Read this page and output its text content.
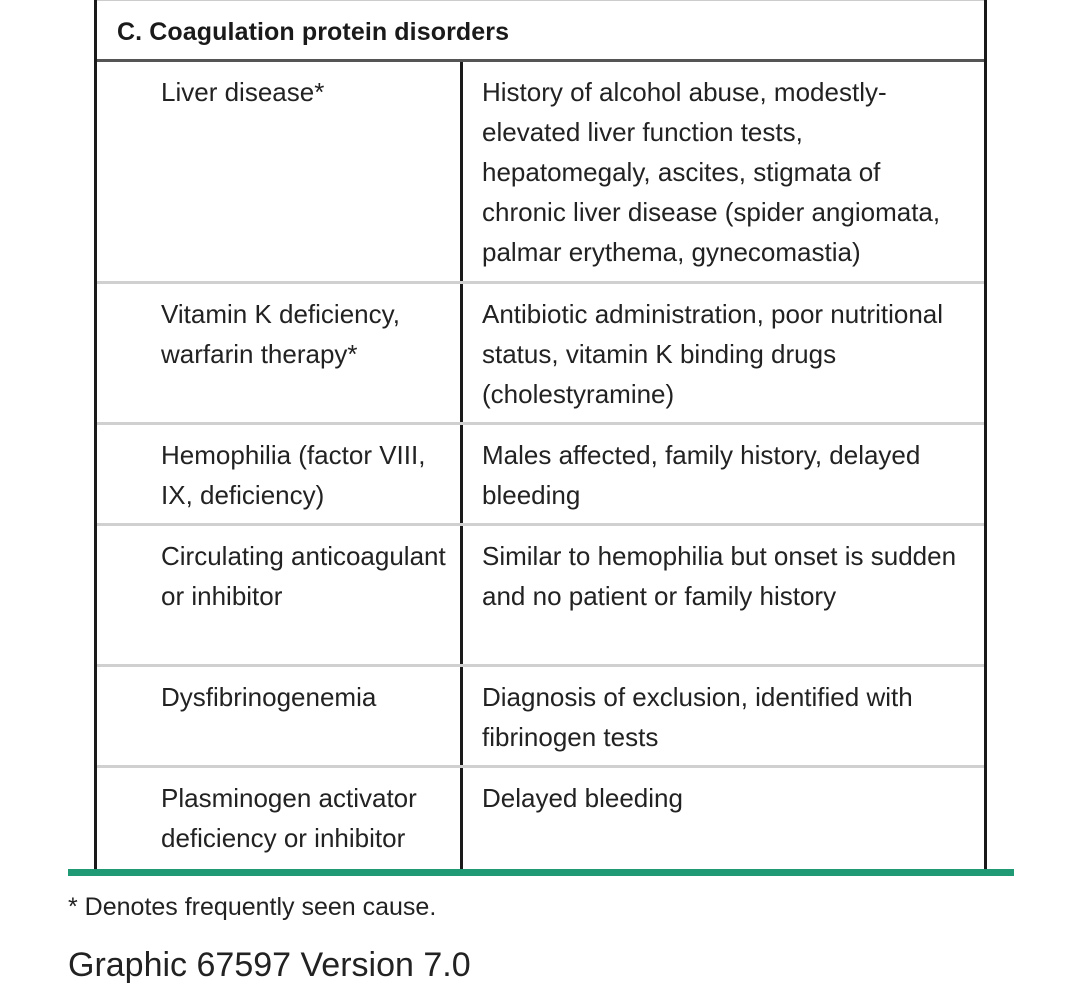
C. Coagulation protein disorders
Liver disease*	History of alcohol abuse, modestly-elevated liver function tests, hepatomegaly, ascites, stigmata of chronic liver disease (spider angiomata, palmar erythema, gynecomastia)
Vitamin K deficiency, warfarin therapy*
Antibiotic administration, poor nutritional status, vitamin K binding drugs (cholestyramine)
Hemophilia (factor VIII, IX, deficiency)
Males affected, family history, delayed bleeding
Circulating anticoagulant or inhibitor
Similar to hemophilia but onset is sudden and no patient or family history
Dysfibrinogenemia	Diagnosis of exclusion, identified with fibrinogen tests
Plasminogen activator deficiency or inhibitor
Delayed bleeding
* Denotes frequently seen cause.
Graphic 67597 Version 7.0
